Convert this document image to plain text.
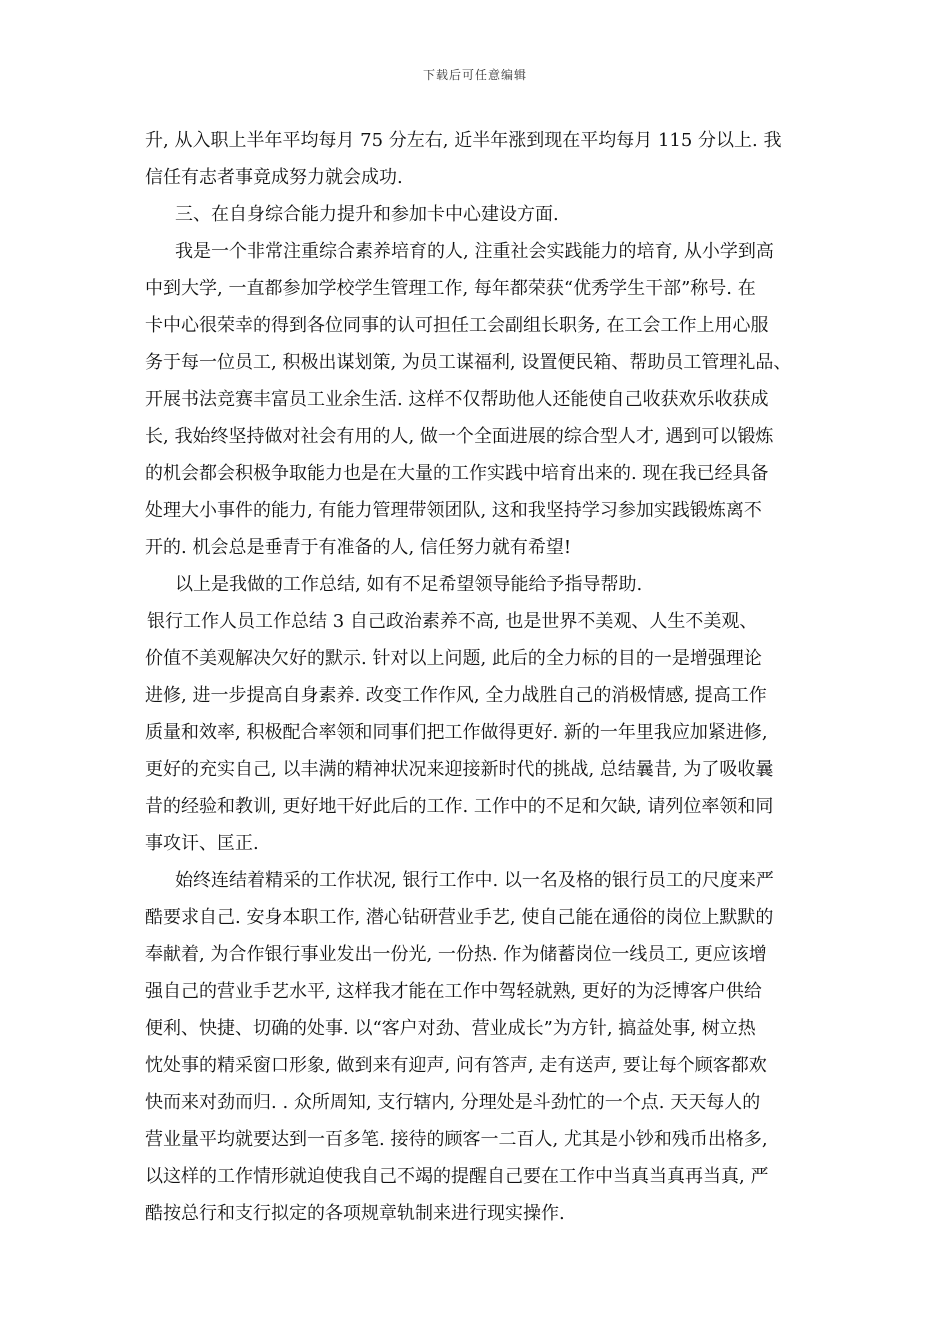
下载后可任意编辑
升, 从入职上半年平均每月 75 分左右, 近半年涨到现在平均每月 115 分以上. 我
信任有志者事竟成努力就会成功.
三、在自身综合能力提升和参加卡中心建设方面.
我是一个非常注重综合素养培育的人, 注重社会实践能力的培育, 从小学到高
中到大学, 一直都参加学校学生管理工作, 每年都荣获“优秀学生干部”称号. 在
卡中心很荣幸的得到各位同事的认可担任工会副组长职务, 在工会工作上用心服
务于每一位员工, 积极出谋划策, 为员工谋福利, 设置便民箱、帮助员工管理礼品、
开展书法竞赛丰富员工业余生活. 这样不仅帮助他人还能使自己收获欢乐收获成
长, 我始终坚持做对社会有用的人, 做一个全面进展的综合型人才, 遇到可以锻炼
的机会都会积极争取能力也是在大量的工作实践中培育出来的. 现在我已经具备
处理大小事件的能力, 有能力管理带领团队, 这和我坚持学习参加实践锻炼离不
开的. 机会总是垂青于有准备的人, 信任努力就有希望!
以上是我做的工作总结, 如有不足希望领导能给予指导帮助.
银行工作人员工作总结 3 自己政治素养不高, 也是世界不美观、人生不美观、
价值不美观解决欠好的默示. 针对以上问题, 此后的全力标的目的一是增强理论
进修, 进一步提高自身素养. 改变工作作风, 全力战胜自己的消极情感, 提高工作
质量和效率, 积极配合率领和同事们把工作做得更好. 新的一年里我应加紧进修,
更好的充实自己, 以丰满的精神状况来迎接新时代的挑战, 总结曩昔, 为了吸收曩
昔的经验和教训, 更好地干好此后的工作. 工作中的不足和欠缺, 请列位率领和同
事攻讦、匡正.
始终连结着精采的工作状况, 银行工作中. 以一名及格的银行员工的尺度来严
酷要求自己. 安身本职工作, 潜心钻研营业手艺, 使自己能在通俗的岗位上默默的
奉献着, 为合作银行事业发出一份光, 一份热. 作为储蓄岗位一线员工, 更应该增
强自己的营业手艺水平, 这样我才能在工作中驾轻就熟, 更好的为泛博客户供给
便利、快捷、切确的处事. 以“客户对劲、营业成长”为方针, 搞益处事, 树立热
忱处事的精采窗口形象, 做到来有迎声, 问有答声, 走有送声, 要让每个顾客都欢
快而来对劲而归. . 众所周知, 支行辖内, 分理处是斗劲忙的一个点. 天天每人的
营业量平均就要达到一百多笔. 接待的顾客一二百人, 尤其是小钞和残币出格多,
以这样的工作情形就迫使我自己不竭的提醒自己要在工作中当真当真再当真, 严
酷按总行和支行拟定的各项规章轨制来进行现实操作.
